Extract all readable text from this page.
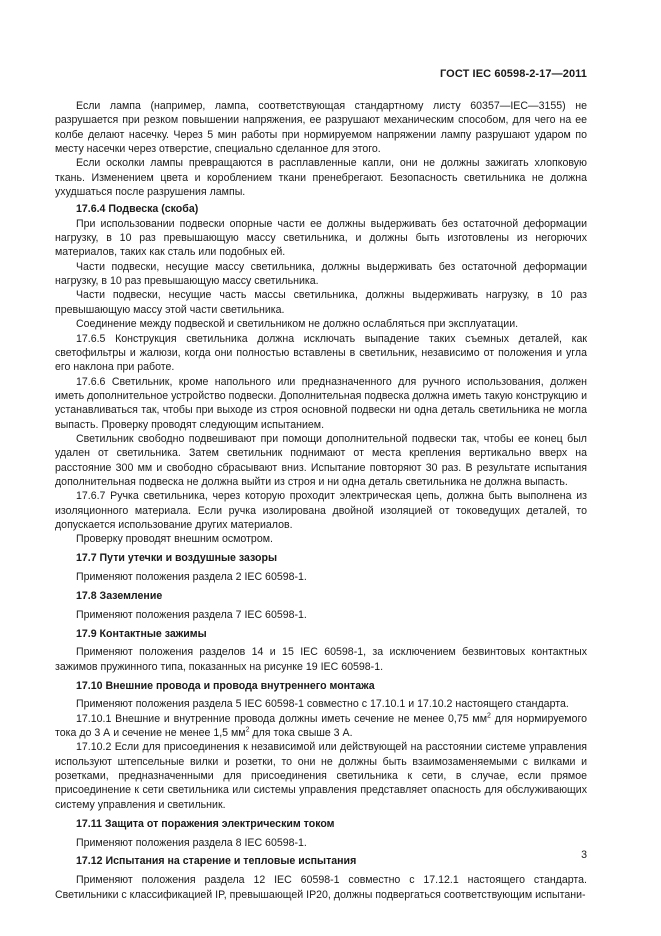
ГОСТ IEC 60598-2-17—2011

Если лампа (например, лампа, соответствующая стандартному листу 60357—IEC—3155) не разрушается при резком повышении напряжения, ее разрушают механическим способом, для чего на ее колбе делают насечку. Через 5 мин работы при нормируемом напряжении лампу разрушают ударом по месту насечки через отверстие, специально сделанное для этого.

Если осколки лампы превращаются в расплавленные капли, они не должны зажигать хлопковую ткань. Изменением цвета и короблением ткани пренебрегают. Безопасность светильника не должна ухудшаться после разрушения лампы.

17.6.4 Подвеска (скоба)

При использовании подвески опорные части ее должны выдерживать без остаточной деформации нагрузку, в 10 раз превышающую массу светильника, и должны быть изготовлены из негорючих материалов, таких как сталь или подобных ей.

Части подвески, несущие массу светильника, должны выдерживать без остаточной деформации нагрузку, в 10 раз превышающую массу светильника.

Части подвески, несущие часть массы светильника, должны выдерживать нагрузку, в 10 раз превышающую массу этой части светильника.

Соединение между подвеской и светильником не должно ослабляться при эксплуатации.

17.6.5 Конструкция светильника должна исключать выпадение таких съемных деталей, как светофильтры и жалюзи, когда они полностью вставлены в светильник, независимо от положения и угла его наклона при работе.

17.6.6 Светильник, кроме напольного или предназначенного для ручного использования, должен иметь дополнительное устройство подвески. Дополнительная подвеска должна иметь такую конструкцию и устанавливаться так, чтобы при выходе из строя основной подвески ни одна деталь светильника не могла выпасть. Проверку проводят следующим испытанием.

Светильник свободно подвешивают при помощи дополнительной подвески так, чтобы ее конец был удален от светильника. Затем светильник поднимают от места крепления вертикально вверх на расстояние 300 мм и свободно сбрасывают вниз. Испытание повторяют 30 раз. В результате испытания дополнительная подвеска не должна выйти из строя и ни одна деталь светильника не должна выпасть.

17.6.7 Ручка светильника, через которую проходит электрическая цепь, должна быть выполнена из изоляционного материала. Если ручка изолирована двойной изоляцией от токоведущих деталей, то допускается использование других материалов.

Проверку проводят внешним осмотром.

17.7 Пути утечки и воздушные зазоры

Применяют положения раздела 2 IEC 60598-1.

17.8 Заземление

Применяют положения раздела 7 IEC 60598-1.

17.9 Контактные зажимы

Применяют положения разделов 14 и 15 IEC 60598-1, за исключением безвинтовых контактных зажимов пружинного типа, показанных на рисунке 19 IEC 60598-1.

17.10 Внешние провода и провода внутреннего монтажа

Применяют положения раздела 5 IEC 60598-1 совместно с 17.10.1 и 17.10.2 настоящего стандарта.

17.10.1 Внешние и внутренние провода должны иметь сечение не менее 0,75 $мм^2$ для нормируемого тока до 3 А и сечение не менее 1,5 $мм^2$ для тока свыше 3 А.

17.10.2 Если для присоединения к независимой или действующей на расстоянии системе управления используют штепсельные вилки и розетки, то они не должны быть взаимозаменяемыми с вилками и розетками, предназначенными для присоединения светильника к сети, в случае, если прямое присоединение к сети светильника или системы управления представляет опасность для обслуживающих систему управления и светильник.

17.11 Защита от поражения электрическим током

Применяют положения раздела 8 IEC 60598-1.

17.12 Испытания на старение и тепловые испытания

Применяют положения раздела 12 IEC 60598-1 совместно с 17.12.1 настоящего стандарта. Светильники с классификацией IP, превышающей IP20, должны подвергаться соответствующим испытани-

3
